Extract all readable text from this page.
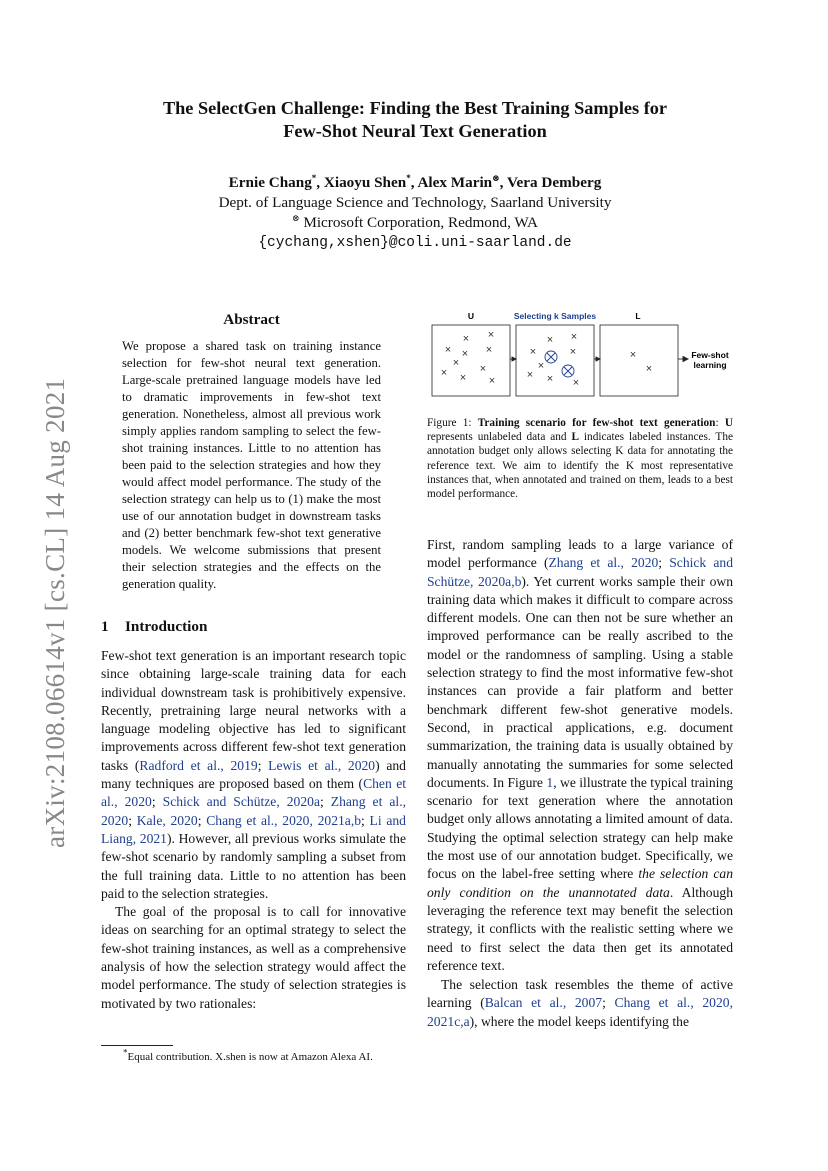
arXiv:2108.06614v1 [cs.CL] 14 Aug 2021
The SelectGen Challenge: Finding the Best Training Samples for
Few-Shot Neural Text Generation
Ernie Chang*, Xiaoyu Shen*, Alex Marin⊗, Vera Demberg
Dept. of Language Science and Technology, Saarland University
⊗ Microsoft Corporation, Redmond, WA
{cychang,xshen}@coli.uni-saarland.de
Abstract
We propose a shared task on training instance selection for few-shot neural text generation. Large-scale pretrained language models have led to dramatic improvements in few-shot text generation. Nonetheless, almost all previous work simply applies random sampling to select the few-shot training instances. Little to no attention has been paid to the selection strategies and how they would affect model performance. The study of the selection strategy can help us to (1) make the most use of our annotation budget in downstream tasks and (2) better benchmark few-shot text generative models. We welcome submissions that present their selection strategies and the effects on the generation quality.
1 Introduction

Few-shot text generation is an important research topic since obtaining large-scale training data for each individual downstream task is prohibitively expensive. Recently, pretraining large neural networks with a language modeling objective has led to significant improvements across different few-shot text generation tasks (Radford et al., 2019; Lewis et al., 2020) and many techniques are proposed based on them (Chen et al., 2020; Schick and Schütze, 2020a; Zhang et al., 2020; Kale, 2020; Chang et al., 2020, 2021a,b; Li and Liang, 2021). However, all previous works simulate the few-shot scenario by randomly sampling a subset from the full training data. Little to no attention has been paid to the selection strategies.

The goal of the proposal is to call for innovative ideas on searching for an optimal strategy to select the few-shot training instances, as well as a comprehensive analysis of how the selection strategy would affect the model performance. The study of selection strategies is motivated by two rationales:

*Equal contribution. X.shen is now at Amazon Alexa AI.
U	Selecting k Samples	L
× ×
× × ×
×
×	×
× ×
× ×
×	×
×
× × ×
×
×
Few-shot
learning
Figure 1: Training scenario for few-shot text generation: U represents unlabeled data and L indicates labeled instances. The annotation budget only allows selecting K data for annotating the reference text. We aim to identify the K most representative instances that, when annotated and trained on them, leads to a best model performance.

First, random sampling leads to a large variance of model performance (Zhang et al., 2020; Schick and Schütze, 2020a,b). Yet current works sample their own training data which makes it difficult to compare across different models. One can then not be sure whether an improved performance can be really ascribed to the model or the randomness of sampling. Using a stable selection strategy to find the most informative few-shot instances can provide a fair platform and better benchmark different few-shot generative models. Second, in practical applications, e.g. document summarization, the training data is usually obtained by manually annotating the summaries for some selected documents. In Figure 1, we illustrate the typical training scenario for text generation where the annotation budget only allows annotating a limited amount of data. Studying the optimal selection strategy can help make the most use of our annotation budget. Specifically, we focus on the label-free setting where the selection can only condition on the unannotated data. Although leveraging the reference text may benefit the selection strategy, it conflicts with the realistic setting where we need to first select the data then get its annotated reference text.

The selection task resembles the theme of active learning (Balcan et al., 2007; Chang et al., 2020, 2021c,a), where the model keeps identifying the
